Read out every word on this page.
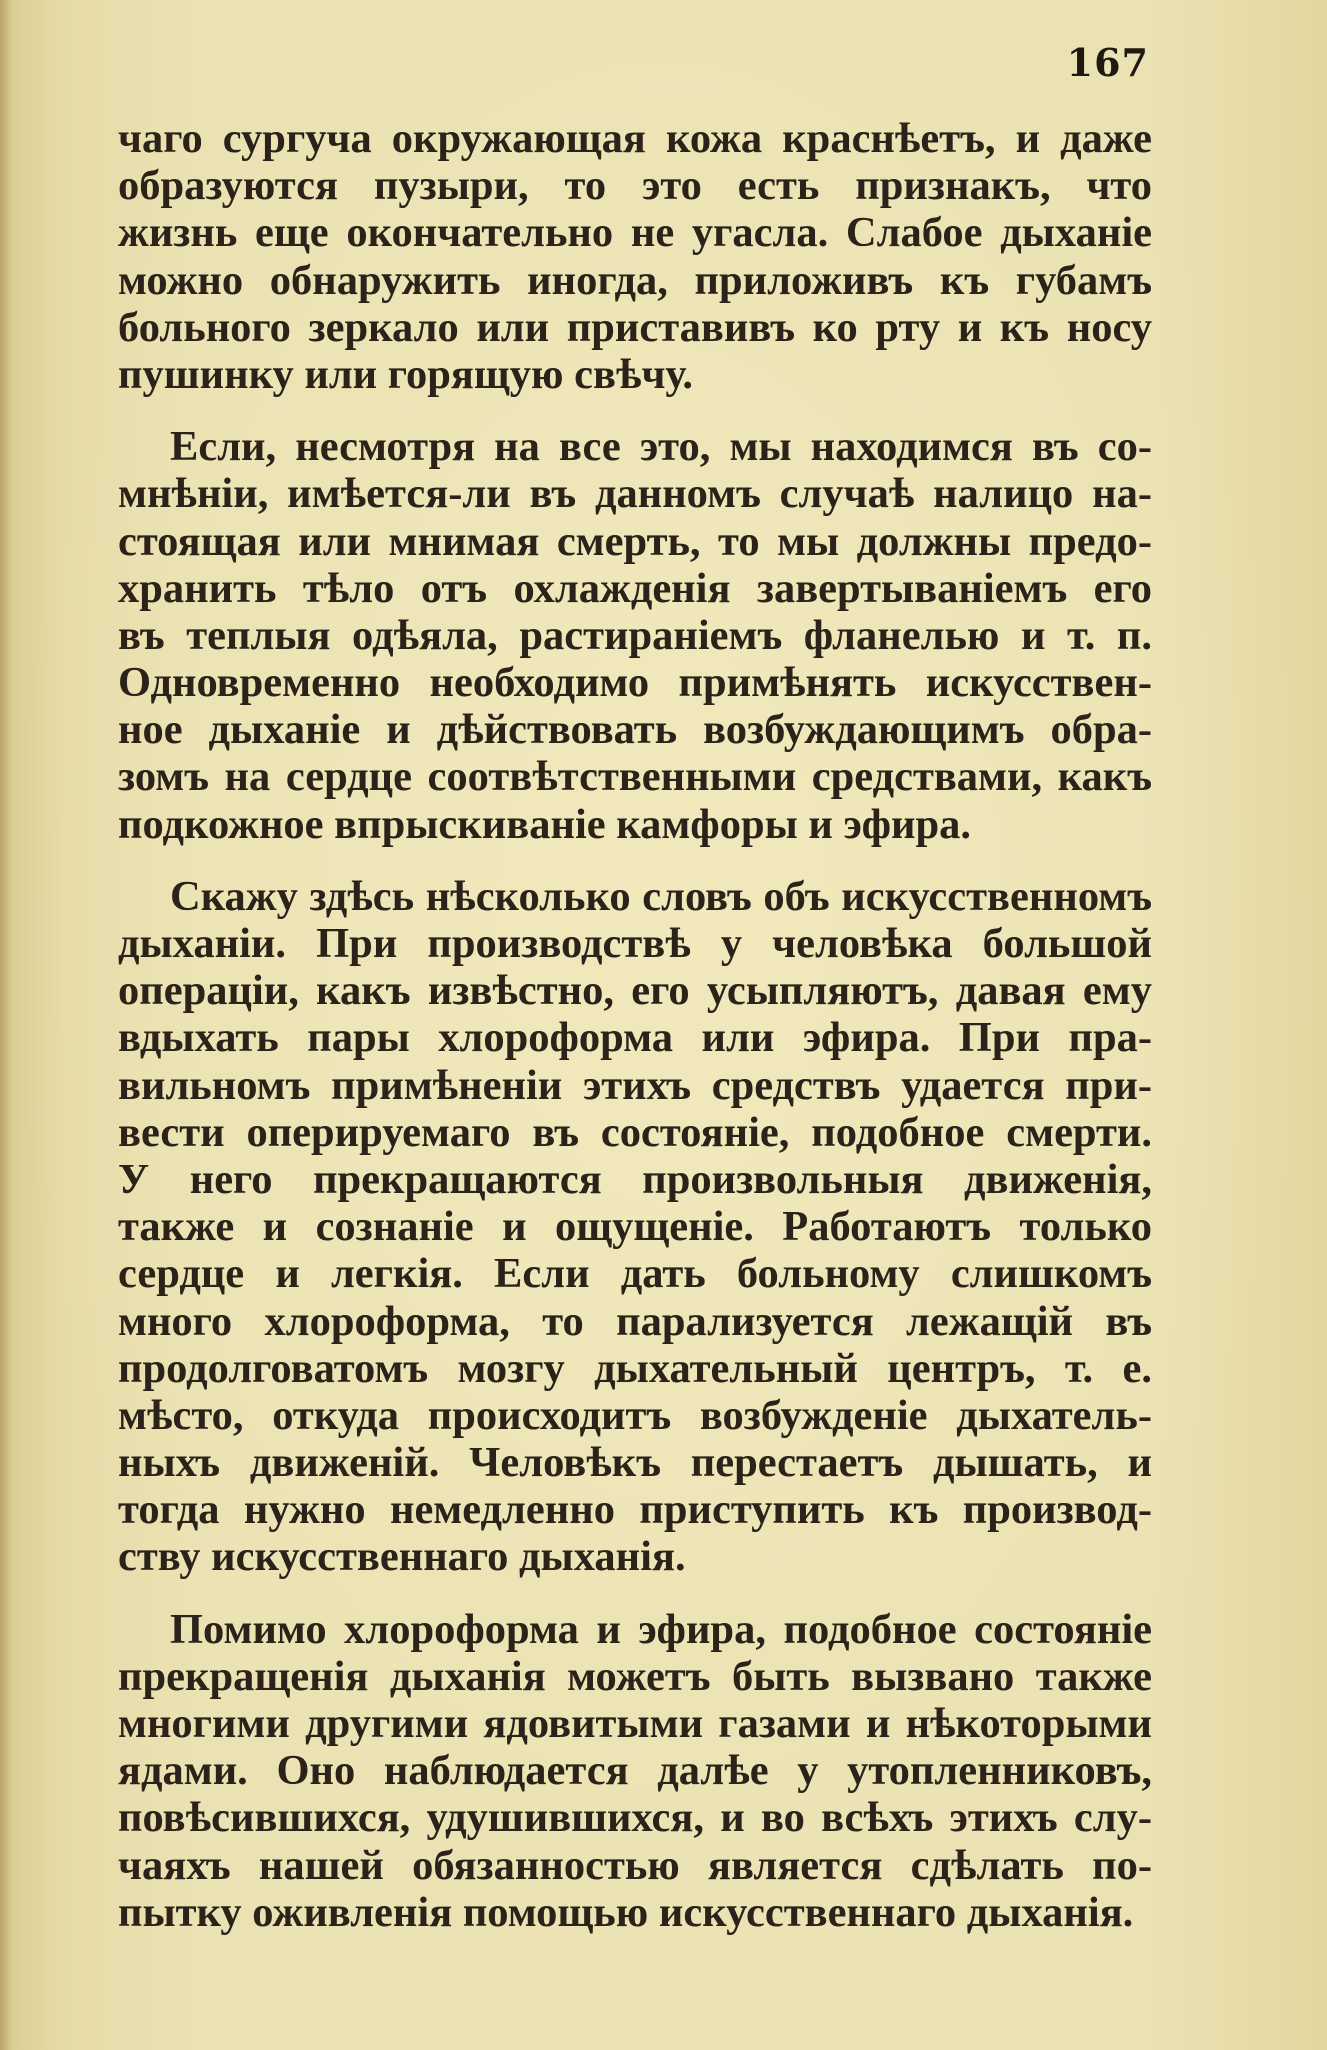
167
чаго сургуча окружающая кожа краснѣетъ, и даже
образуются пузыри, то это есть признакъ, что
жизнь еще окончательно не угасла. Слабое дыханіе
можно обнаружить иногда, приложивъ къ губамъ
больного зеркало или приставивъ ко рту и къ носу
пушинку или горящую свѣчу.
Если, несмотря на все это, мы находимся въ со-
мнѣніи, имѣется-ли въ данномъ случаѣ налицо на-
стоящая или мнимая смерть, то мы должны предо-
хранить тѣло отъ охлажденія завертываніемъ его
въ теплыя одѣяла, растираніемъ фланелью и т. п.
Одновременно необходимо примѣнять искусствен-
ное дыханіе и дѣйствовать возбуждающимъ обра-
зомъ на сердце соотвѣтственными средствами, какъ
подкожное впрыскиваніе камфоры и эфира.
Скажу здѣсь нѣсколько словъ объ искусственномъ
дыханіи. При производствѣ у человѣка большой
операціи, какъ извѣстно, его усыпляютъ, давая ему
вдыхать пары хлороформа или эфира. При пра-
вильномъ примѣненіи этихъ средствъ удается при-
вести оперируемаго въ состояніе, подобное смерти.
У него прекращаются произвольныя движенія,
также и сознаніе и ощущеніе. Работаютъ только
сердце и легкія. Если дать больному слишкомъ
много хлороформа, то парализуется лежащій въ
продолговатомъ мозгу дыхательный центръ, т. е.
мѣсто, откуда происходитъ возбужденіе дыхатель-
ныхъ движеній. Человѣкъ перестаетъ дышать, и
тогда нужно немедленно приступить къ производ-
ству искусственнаго дыханія.
Помимо хлороформа и эфира, подобное состояніе
прекращенія дыханія можетъ быть вызвано также
многими другими ядовитыми газами и нѣкоторыми
ядами. Оно наблюдается далѣе у утопленниковъ,
повѣсившихся, удушившихся, и во всѣхъ этихъ слу-
чаяхъ нашей обязанностью является сдѣлать по-
пытку оживленія помощью искусственнаго дыханія.
